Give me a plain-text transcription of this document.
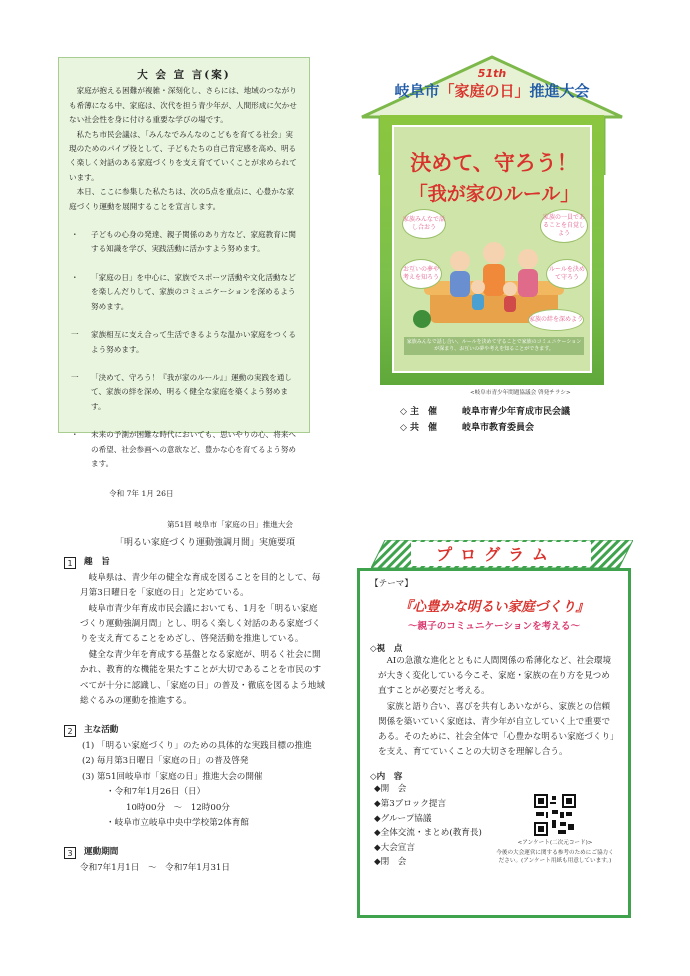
大 会 宣 言(案)

家庭が抱える困難が複雑・深刻化し、さらには、地域のつながりも希薄になる中、家庭は、次代を担う青少年が、人間形成に欠かせない社会性を身に付ける重要な学びの場です。

私たち市民会議は、「みんなでみんなのこどもを育てる社会」実現のためのパイプ役として、子どもたちの自己肯定感を高め、明るく楽しく対話のある家庭づくりを支え育てていくことが求められています。

本日、ここに参集した私たちは、次の5点を重点に、心豊かな家庭づくり運動を展開することを宣言します。

・	子どもの心身の発達、親子関係のあり方など、家庭教育に関する知識を学び、実践活動に活かすよう努めます。
・	「家庭の日」を中心に、家族でスポーツ活動や文化活動などを楽しんだりして、家族のコミュニケーションを深めるよう努めます。
一	家族相互に支え合って生活できるような温かい家庭をつくるよう努めます。
一	「決めて、守ろう！『我が家のルール』」運動の実践を通して、家族の絆を深め、明るく健全な家庭を築くよう努めます。
・	未来の予測が困難な時代においても、思いやりの心、将来への希望、社会参画への意欲など、豊かな心を育てるよう努めます。
令和 7年 1月 26日
第51回 岐阜市「家庭の日」推進大会
51th
岐阜市「家庭の日」推進大会
決めて、守ろう！
「我が家のルール」
家族みんなで話し合おう
家族の一員であることを自覚しよう
お互いの夢や考えを知ろう
ルールを決めて守ろう
家族の絆を深めよう
家族みんなで話し合い、ルールを決めて守ることで家族のコミュニケーションが深まり、お互いの夢や考えを知ることができます。
<岐阜市青少年問題協議会 啓発チラシ>
◇ 主　催	岐阜市青少年育成市民会議
◇ 共　催	岐阜市教育委員会
「明るい家庭づくり運動強調月間」実施要項
1	趣　旨

岐阜県は、青少年の健全な育成を図ることを目的として、毎月第3日曜日を「家庭の日」と定めている。

岐阜市青少年育成市民会議においても、1月を「明るい家庭づくり運動強調月間」とし、明るく楽しく対話のある家庭づくりを支え育てることをめざし、啓発活動を推進している。

健全な青少年を育成する基盤となる家庭が、明るく社会に開かれ、教育的な機能を果たすことが大切であることを市民のすべてが十分に認識し、「家庭の日」の普及・徹底を図るよう地域総ぐるみの運動を推進する。

2	主な活動
(1) 「明るい家庭づくり」のための具体的な実践目標の推進
(2) 毎月第3日曜日「家庭の日」の普及啓発
(3) 第51回岐阜市「家庭の日」推進大会の開催
・令和7年1月26日（日）
10時00分　～　12時00分
・岐阜市立岐阜中央中学校第2体育館
3	運動期間
令和7年1月1日　～　令和7年1月31日
プログラム
【テーマ】
『心豊かな明るい家庭づくり』
～親子のコミュニケーションを考える～
◇視　点

AIの急激な進化とともに人間関係の希薄化など、社会環境が大きく変化している今こそ、家庭・家族の在り方を見つめ直すことが必要だと考える。

家族と語り合い、喜びを共有しあいながら、家族との信頼関係を築いていく家庭は、青少年が自立していく上で重要である。そのために、社会全体で「心豊かな明るい家庭づくり」を支え、育てていくことの大切さを理解し合う。

◇内　容
◆開　会
◆第3ブロック提言
◆グループ協議
◆全体交流・まとめ(教育長)
◆大会宣言
◆閉　会
<アンケート(二次元コード)>
今後の大会運営に関する参考のためにご協力ください。(アンケート用紙も用意しています。)
